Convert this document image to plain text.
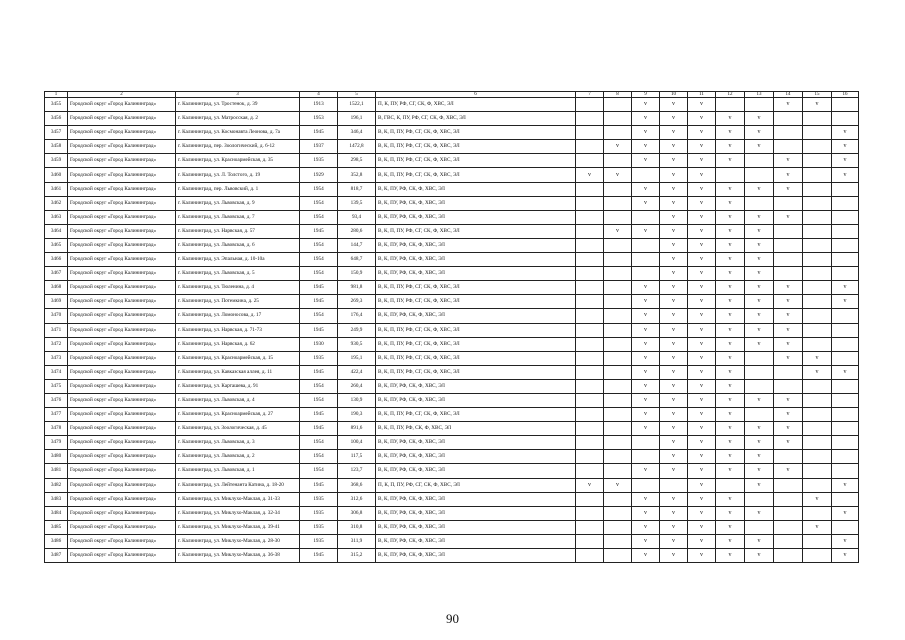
1	2	3	4	5	6	7	8	9	10	11	12	13	14	15	16
3455	Городской округ «Город Калининград»	г. Калининград, ул. Тростенок, д. 39	1913	1522,1	П, К, ПУ, РФ, СГ, СК, Ф, ХВС, ЭЛ			v	v	v			v	v	
3456	Городской округ «Город Калининград»	г. Калининград, ул. Матросская, д. 2	1953	196,1	В, ГВС, К, ПУ, РФ, СГ, СК, Ф, ХВС, ЭЛ			v	v	v	v	v			
3457	Городской округ «Город Калининград»	г. Калининград, ул. Космонавта Леонова, д. 7а	1945	346,4	В, К, П, ПУ, РФ, СГ, СК, Ф, ХВС, ЭЛ			v	v	v	v	v			v
3458	Городской округ «Город Калининград»	г. Калининград, пер. Зоологический, д. 6-12	1937	1472,8	В, К, П, ПУ, РФ, СГ, СК, Ф, ХВС, ЭЛ		v	v	v	v	v	v			v
3459	Городской округ «Город Калининград»	г. Калининград, ул. Красноармейская, д. 35	1935	298,5	В, К, П, ПУ, РФ, СГ, СК, Ф, ХВС, ЭЛ			v	v	v	v		v		v
3460	Городской округ «Город Калининград»	г. Калининград, ул. Л. Толстого, д. 19	1929	352,8	В, К, П, ПУ, РФ, СГ, СК, Ф, ХВС, ЭЛ	v	v		v	v			v		v
3461	Городской округ «Город Калининград»	г. Калининград, пер. Львовский, д. 1	1954	818,7	В, К, ПУ, РФ, СК, Ф, ХВС, ЭЛ			v	v	v	v	v	v		
3462	Городской округ «Город Калининград»	г. Калининград, ул. Львовская, д. 9	1954	139,5	В, К, ПУ, РФ, СК, Ф, ХВС, ЭЛ			v	v	v	v				
3463	Городской округ «Город Калининград»	г. Калининград, ул. Львовская, д. 7	1954	93,4	В, К, ПУ, РФ, СК, Ф, ХВС, ЭЛ				v	v	v	v	v		
3464	Городской округ «Город Калининград»	г. Калининград, ул. Нарвская, д. 57	1945	280,6	В, К, П, ПУ, РФ, СГ, СК, Ф, ХВС, ЭЛ		v	v	v	v	v	v			
3465	Городской округ «Город Калининград»	г. Калининград, ул. Львовская, д. 6	1954	144,7	В, К, ПУ, РФ, СК, Ф, ХВС, ЭЛ				v	v	v	v			
3466	Городской округ «Город Калининград»	г. Калининград, ул. Эпальная, д. 10-10а	1954	648,7	В, К, ПУ, РФ, СК, Ф, ХВС, ЭЛ				v	v	v	v			
3467	Городской округ «Город Калининград»	г. Калининград, ул. Львовская, д. 5	1954	150,9	В, К, ПУ, РФ, СК, Ф, ХВС, ЭЛ				v	v	v	v			
3468	Городской округ «Город Калининград»	г. Калининград, ул. Тюленина, д. 4	1945	981,8	В, К, П, ПУ, РФ, СГ, СК, Ф, ХВС, ЭЛ			v	v	v	v	v	v		v
3469	Городской округ «Город Калининград»	г. Калининград, ул. Потемкина, д. 25	1945	269,3	В, К, П, ПУ, РФ, СГ, СК, Ф, ХВС, ЭЛ			v	v	v	v	v	v		v
3470	Городской округ «Город Калининград»	г. Калининград, ул. Ломоносова, д. 17	1954	176,4	В, К, ПУ, РФ, СК, Ф, ХВС, ЭЛ			v	v	v	v	v	v		
3471	Городской округ «Город Калининград»	г. Калининград, ул. Нарвская, д. 71-73	1945	249,9	В, К, П, ПУ, РФ, СГ, СК, Ф, ХВС, ЭЛ			v	v	v	v	v	v		
3472	Городской округ «Город Калининград»	г. Калининград, ул. Нарвская, д. 62	1930	930,5	В, К, П, ПУ, РФ, СГ, СК, Ф, ХВС, ЭЛ			v	v	v	v	v	v		
3473	Городской округ «Город Калининград»	г. Калининград, ул. Красноармейская, д. 15	1935	195,1	В, К, П, ПУ, РФ, СГ, СК, Ф, ХВС, ЭЛ			v	v	v	v		v	v	
3474	Городской округ «Город Калининград»	г. Калининград, ул. Кавказская аллея, д. 11	1945	422,4	В, К, П, ПУ, РФ, СГ, СК, Ф, ХВС, ЭЛ			v	v	v	v			v	v
3475	Городской округ «Город Калининград»	г. Калининград, ул. Карташева, д. 91	1954	260,4	В, К, ПУ, РФ, СК, Ф, ХВС, ЭЛ			v	v	v	v				
3476	Городской округ «Город Калининград»	г. Калининград, ул. Львовская, д. 4	1954	130,9	В, К, ПУ, РФ, СК, Ф, ХВС, ЭЛ			v	v	v	v	v	v		
3477	Городской округ «Город Калининград»	г. Калининград, ул. Красноармейская, д. 27	1945	190,3	В, К, П, ПУ, РФ, СГ, СК, Ф, ХВС, ЭЛ			v	v	v	v		v		
3478	Городской округ «Город Калининград»	г. Калининград, ул. Зоологическая, д. 45	1945	891,6	В, К, П, ПУ, РФ, СК, Ф, ХВС, ЭЛ			v	v	v	v	v	v		
3479	Городской округ «Город Калининград»	г. Калининград, ул. Львовская, д. 3	1954	100,4	В, К, ПУ, РФ, СК, Ф, ХВС, ЭЛ				v	v	v	v	v		
3480	Городской округ «Город Калининград»	г. Калининград, ул. Львовская, д. 2	1954	117,5	В, К, ПУ, РФ, СК, Ф, ХВС, ЭЛ				v	v	v	v			
3481	Городской округ «Город Калининград»	г. Калининград, ул. Львовская, д. 1	1954	123,7	В, К, ПУ, РФ, СК, Ф, ХВС, ЭЛ			v	v	v	v	v	v		
3482	Городской округ «Город Калининград»	г. Калининград, ул. Лейтенанта Катина, д. 18-20	1945	368,6	П, К, П, ПУ, РФ, СГ, СК, Ф, ХВС, ЭЛ	v	v			v		v			v
3483	Городской округ «Город Калининград»	г. Калининград, ул. Миклухо-Маклая, д. 31-33	1935	312,6	В, К, ПУ, РФ, СК, Ф, ХВС, ЭЛ			v	v	v	v			v	
3484	Городской округ «Город Калининград»	г. Калининград, ул. Миклухо-Маклая, д. 32-34	1935	306,8	В, К, ПУ, РФ, СК, Ф, ХВС, ЭЛ			v	v	v	v	v			v
3485	Городской округ «Город Калининград»	г. Калининград, ул. Миклухо-Маклая, д. 39-41	1935	310,8	В, К, ПУ, РФ, СК, Ф, ХВС, ЭЛ			v	v	v	v			v	
3486	Городской округ «Город Калининград»	г. Калининград, ул. Миклухо-Маклая, д. 28-30	1935	311,9	В, К, ПУ, РФ, СК, Ф, ХВС, ЭЛ			v	v	v	v	v			v
3487	Городской округ «Город Калининград»	г. Калининград, ул. Миклухо-Маклая, д. 36-38	1945	315,2	В, К, ПУ, РФ, СК, Ф, ХВС, ЭЛ			v	v	v	v	v			v
90
